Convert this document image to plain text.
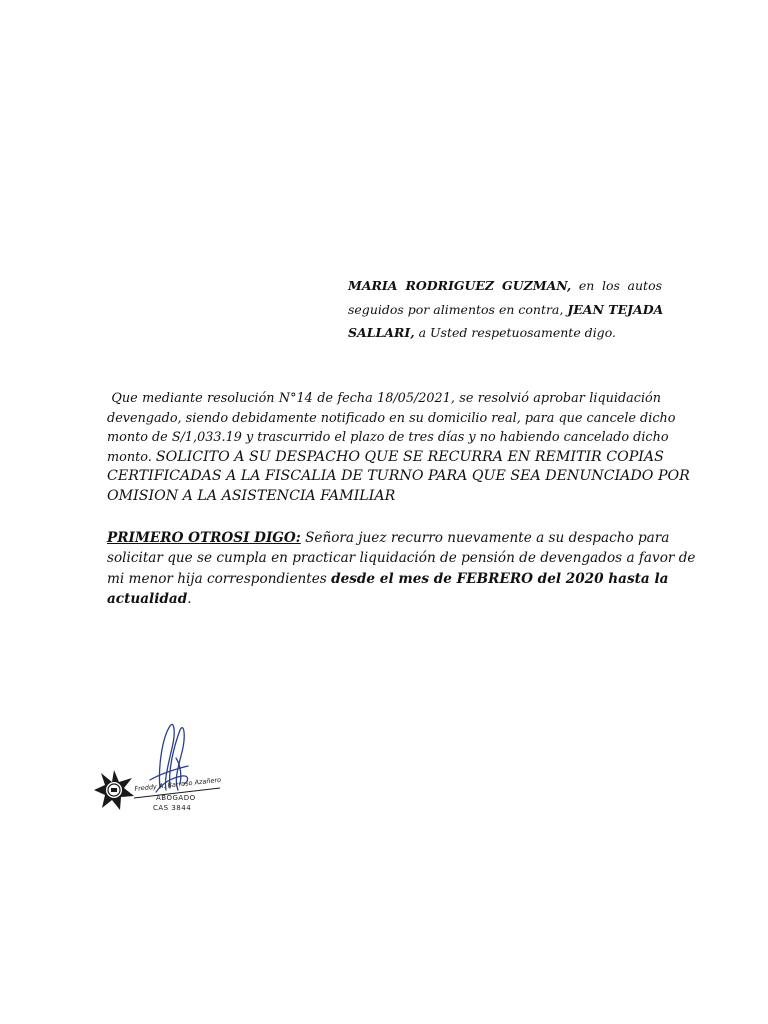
MARIA RODRIGUEZ GUZMAN, en los autos
seguidos por alimentos en contra, JEAN TEJADA
SALLARI, a Usted respetuosamente digo.
Que mediante resolución N°14 de fecha 18/05/2021, se resolvió aprobar liquidación
devengado, siendo debidamente notificado en su domicilio real, para que cancele dicho
monto de S/1,033.19 y trascurrido el plazo de tres días y no habiendo cancelado dicho
monto. SOLICITO A SU DESPACHO QUE SE RECURRA EN REMITIR COPIAS
CERTIFICADAS A LA FISCALIA DE TURNO PARA QUE SEA DENUNCIADO POR
OMISION A LA ASISTENCIA FAMILIAR
PRIMERO OTROSI DIGO: Señora juez recurro nuevamente a su despacho para
solicitar que se cumpla en practicar liquidación de pensión de devengados a favor de
mi menor hija correspondientes desde el mes de FEBRERO del 2020 hasta la
actualidad.
Freddy A. Barroso Azañero
ABOGADO
CAS 3844
